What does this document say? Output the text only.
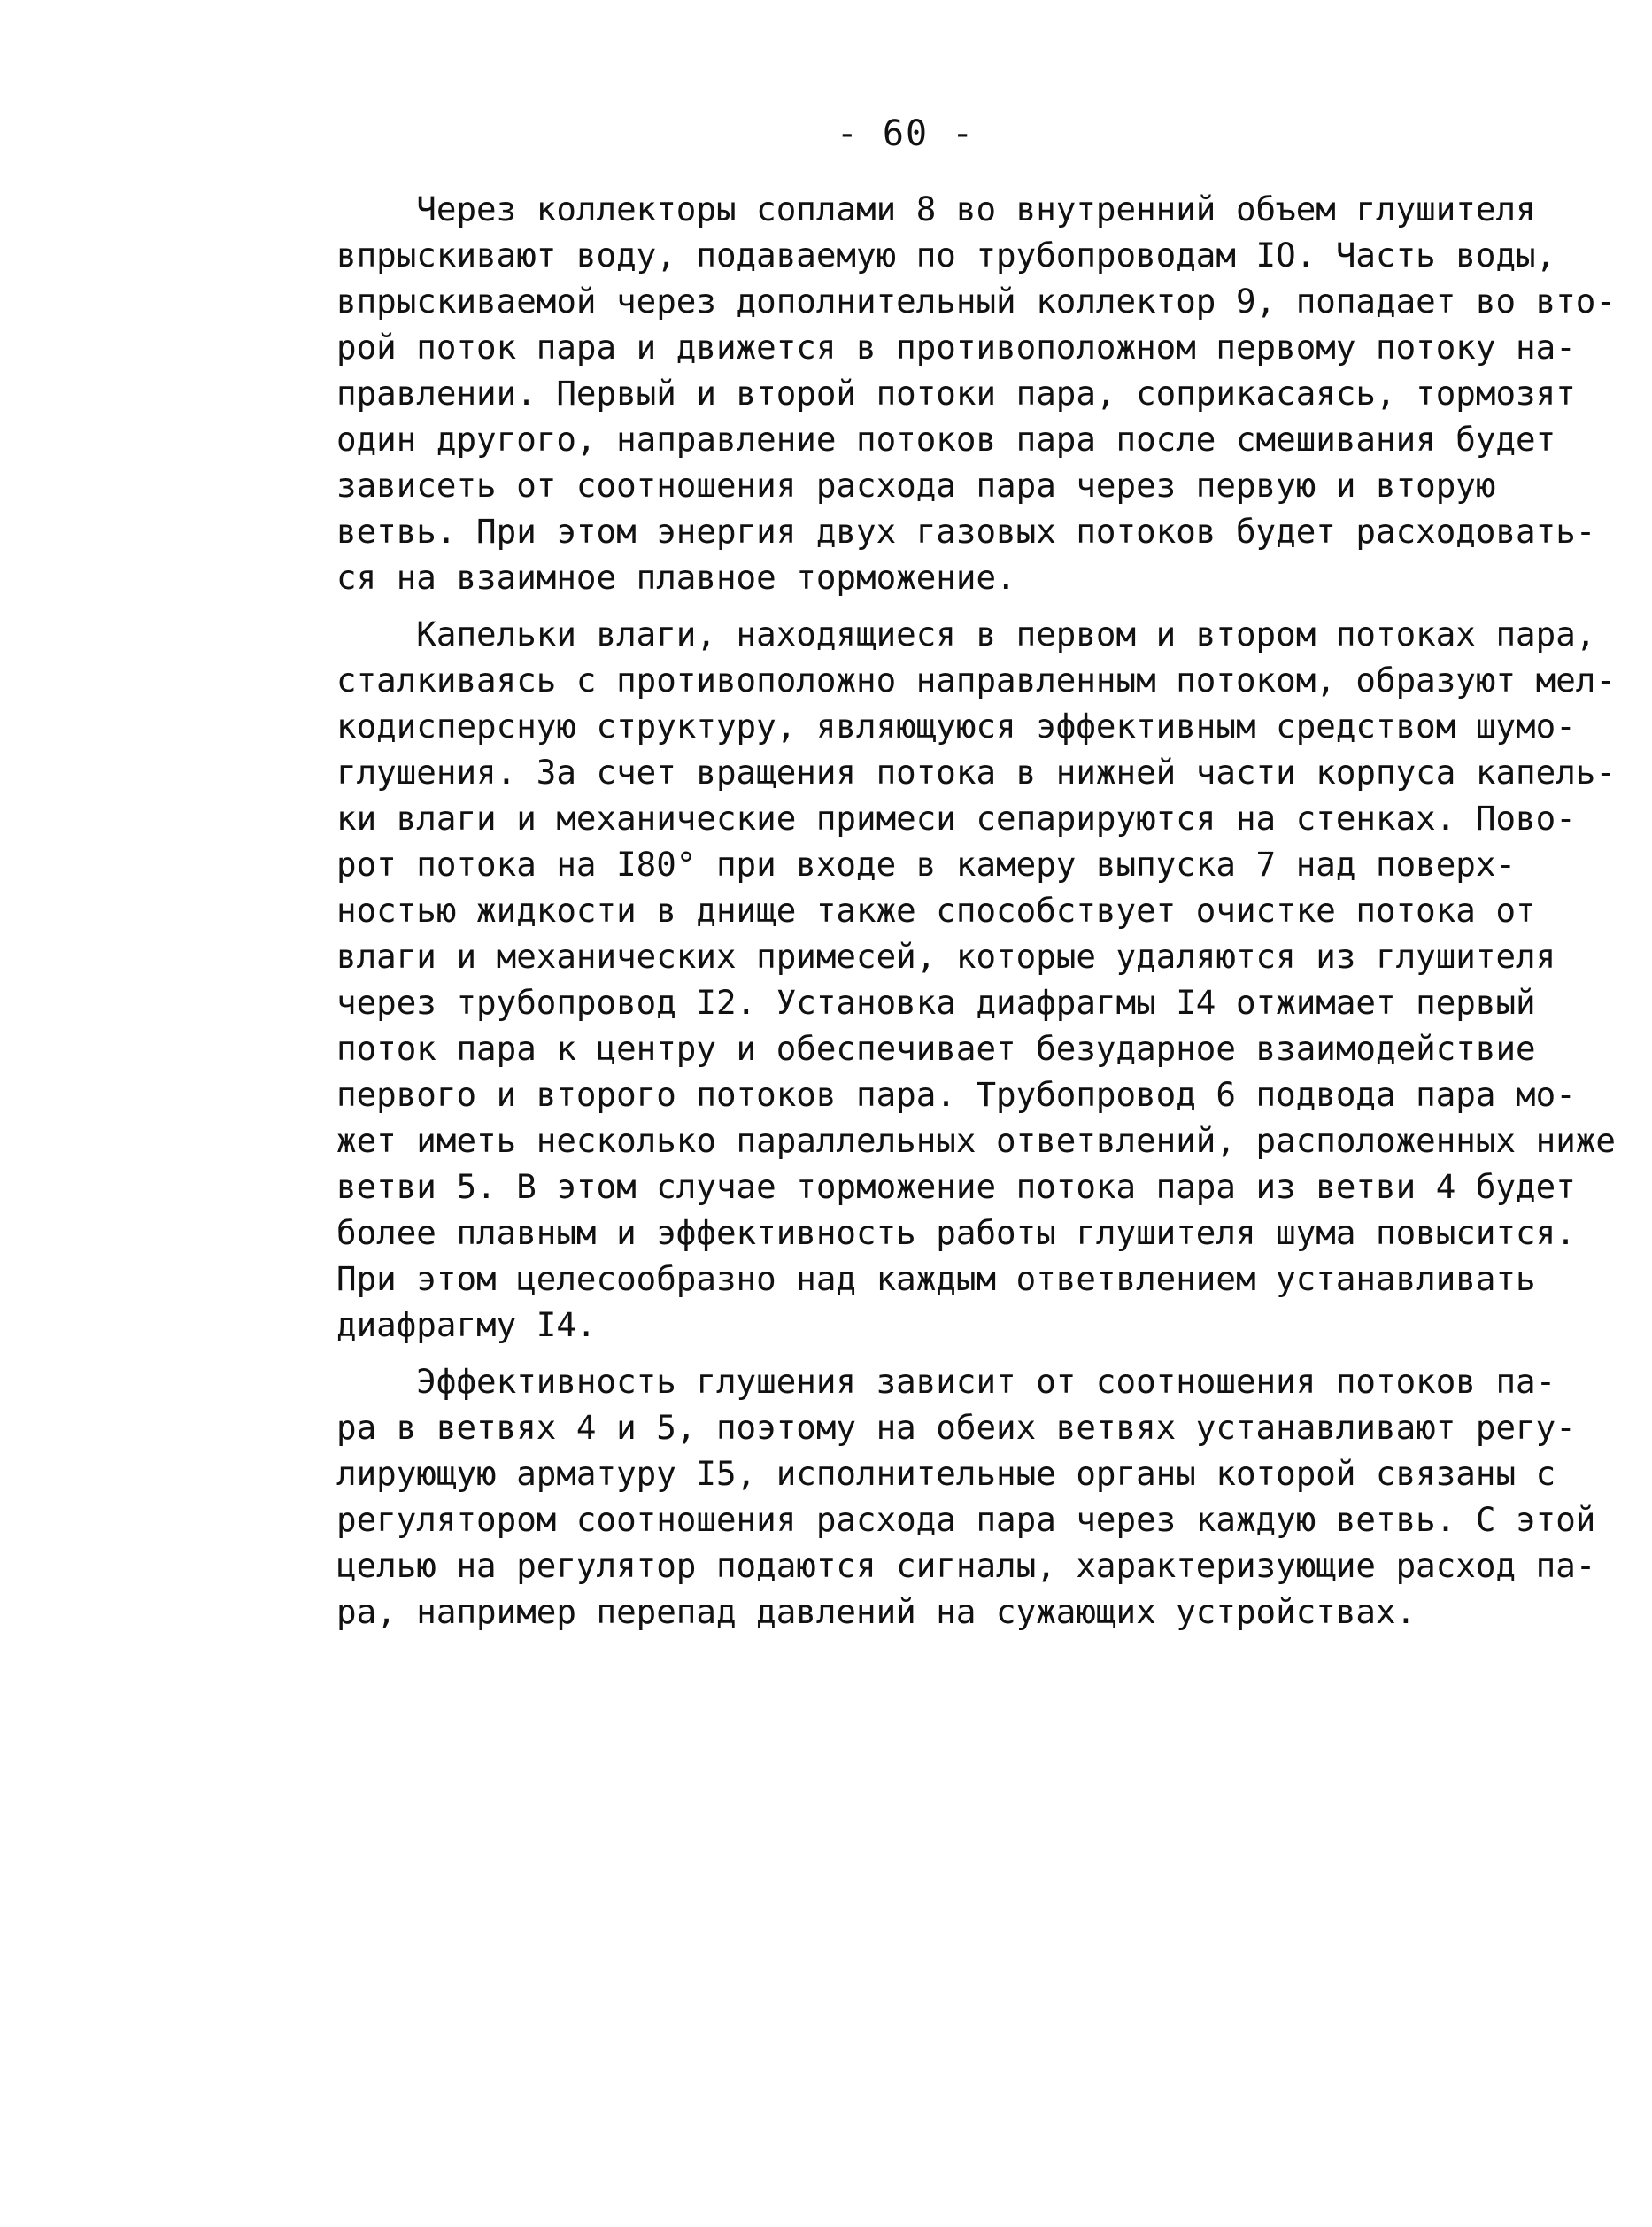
- 60 -
Через коллекторы соплами 8 во внутренний объем глушителя
впрыскивают воду, подаваемую по трубопроводам IO. Часть воды,
впрыскиваемой через дополнительный коллектор 9, попадает во вто-
рой поток пара и движется в противоположном первому потоку на-
правлении. Первый и второй потоки пара, соприкасаясь, тормозят
один другого, направление потоков пара после смешивания будет
зависеть от соотношения расхода пара через первую и вторую
ветвь. При этом энергия двух газовых потоков будет расходовать-
ся на взаимное плавное торможение.
Капельки влаги, находящиеся в первом и втором потоках пара,
сталкиваясь с противоположно направленным потоком, образуют мел-
кодисперсную структуру, являющуюся эффективным средством шумо-
глушения. За счет вращения потока в нижней части корпуса капель-
ки влаги и механические примеси сепарируются на стенках. Пово-
рот потока на I80° при входе в камеру выпуска 7 над поверх-
ностью жидкости в днище также способствует очистке потока от
влаги и механических примесей, которые удаляются из глушителя
через трубопровод I2. Установка диафрагмы I4 отжимает первый
поток пара к центру и обеспечивает безударное взаимодействие
первого и второго потоков пара. Трубопровод 6 подвода пара мо-
жет иметь несколько параллельных ответвлений, расположенных ниже
ветви 5. В этом случае торможение потока пара из ветви 4 будет
более плавным и эффективность работы глушителя шума повысится.
При этом целесообразно над каждым ответвлением устанавливать
диафрагму I4.
Эффективность глушения зависит от соотношения потоков па-
ра в ветвях 4 и 5, поэтому на обеих ветвях устанавливают регу-
лирующую арматуру I5, исполнительные органы которой связаны с
регулятором соотношения расхода пара через каждую ветвь. С этой
целью на регулятор подаются сигналы, характеризующие расход па-
ра, например перепад давлений на сужающих устройствах.
